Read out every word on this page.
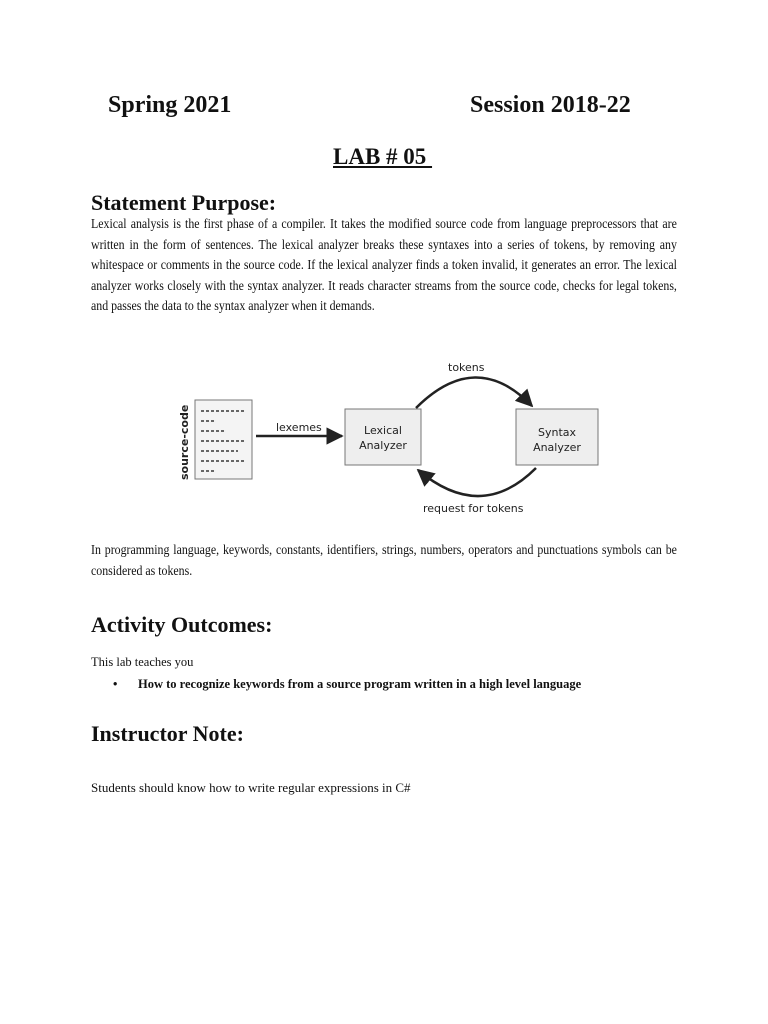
Spring 2021	Session 2018-22
LAB # 05
Statement Purpose:
Lexical analysis is the first phase of a compiler. It takes the modified source code from language preprocessors that are written in the form of sentences. The lexical analyzer breaks these syntaxes into a series of tokens, by removing any whitespace or comments in the source code. If the lexical analyzer finds a token invalid, it generates an error. The lexical analyzer works closely with the syntax analyzer. It reads character streams from the source code, checks for legal tokens, and passes the data to the syntax analyzer when it demands.
source-code	lexemes	Lexical
Analyzer
Syntax
Analyzer
tokens
request for tokens
In programming language, keywords, constants, identifiers, strings, numbers, operators and punctuations symbols can be considered as tokens.
Activity Outcomes:
This lab teaches you
• How to recognize keywords from a source program written in a high level language
Instructor Note:
Students should know how to write regular expressions in C#
